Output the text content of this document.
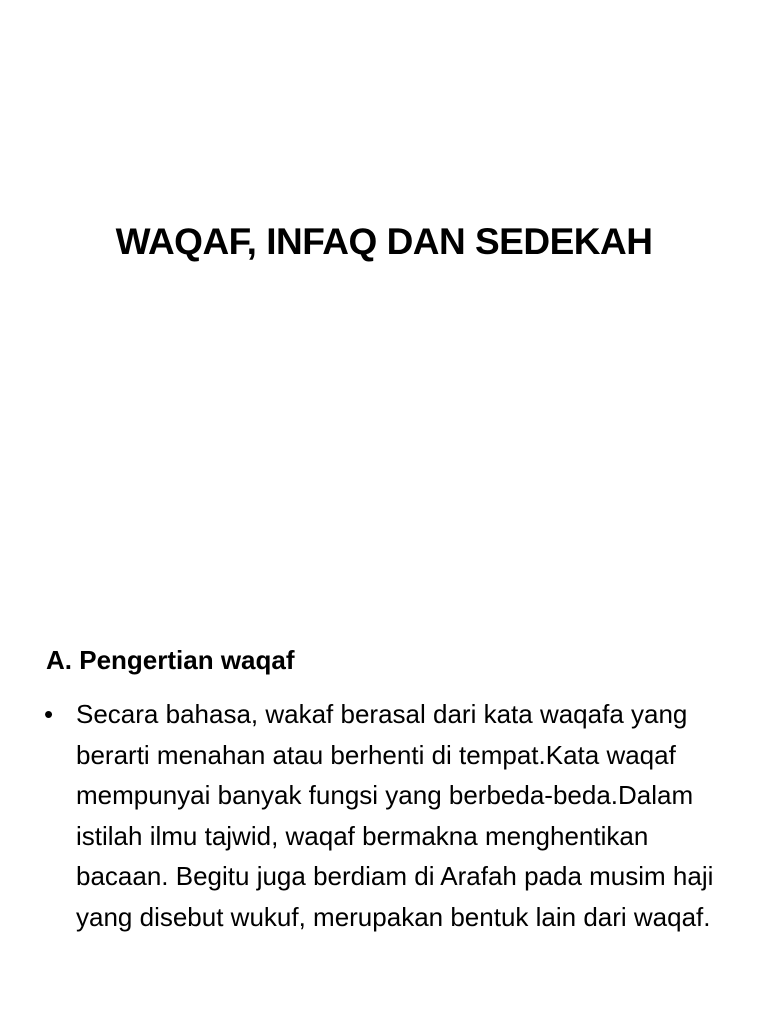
WAQAF, INFAQ DAN SEDEKAH
A. Pengertian waqaf
• Secara bahasa, wakaf berasal dari kata waqafa yang berarti menahan atau berhenti di tempat.Kata waqaf mempunyai banyak fungsi yang berbeda-beda.Dalam istilah ilmu tajwid, waqaf bermakna menghentikan bacaan. Begitu juga berdiam di Arafah pada musim haji yang disebut wukuf, merupakan bentuk lain dari waqaf.
